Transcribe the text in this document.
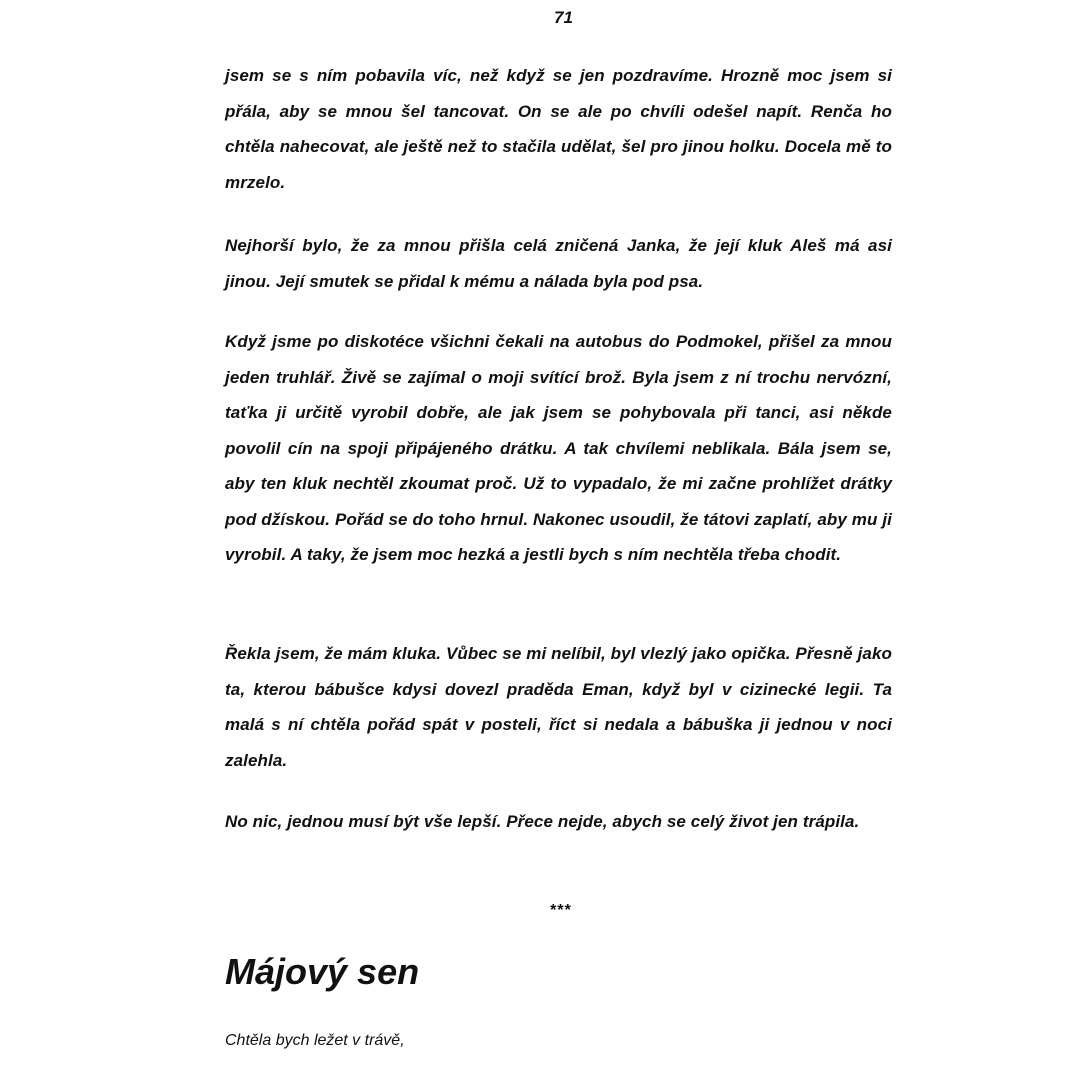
71

jsem se s ním pobavila víc, než když se jen pozdravíme. Hrozně moc jsem si přála, aby se mnou šel tancovat. On se ale po chvíli odešel napít. Renča ho chtěla nahecovat, ale ještě než to stačila udělat, šel pro jinou holku. Docela mě to mrzelo.

Nejhorší bylo, že za mnou přišla celá zničená Janka, že její kluk Aleš má asi jinou. Její smutek se přidal k mému a nálada byla pod psa.

Když jsme po diskotéce všichni čekali na autobus do Podmokel, přišel za mnou jeden truhlář. Živě se zajímal o moji svítící brož. Byla jsem z ní trochu nervózní, taťka ji určitě vyrobil dobře, ale jak jsem se pohybovala při tanci, asi někde povolil cín na spoji připájeného drátku. A tak chvílemi neblikala. Bála jsem se, aby ten kluk nechtěl zkoumat proč. Už to vypadalo, že mi začne prohlížet drátky pod džískou. Pořád se do toho hrnul. Nakonec usoudil, že tátovi zaplatí, aby mu ji vyrobil. A taky, že jsem moc hezká a jestli bych s ním nechtěla třeba chodit.

Řekla jsem, že mám kluka. Vůbec se mi nelíbil, byl vlezlý jako opička. Přesně jako ta, kterou bábušce kdysi dovezl praděda Eman, když byl v cizinecké legii. Ta malá s ní chtěla pořád spát v posteli, říct si nedala a bábuška ji jednou v noci zalehla.

No nic, jednou musí být vše lepší. Přece nejde, abych se celý život jen trápila.

***
Májový sen

Chtěla bych ležet v trávě,
